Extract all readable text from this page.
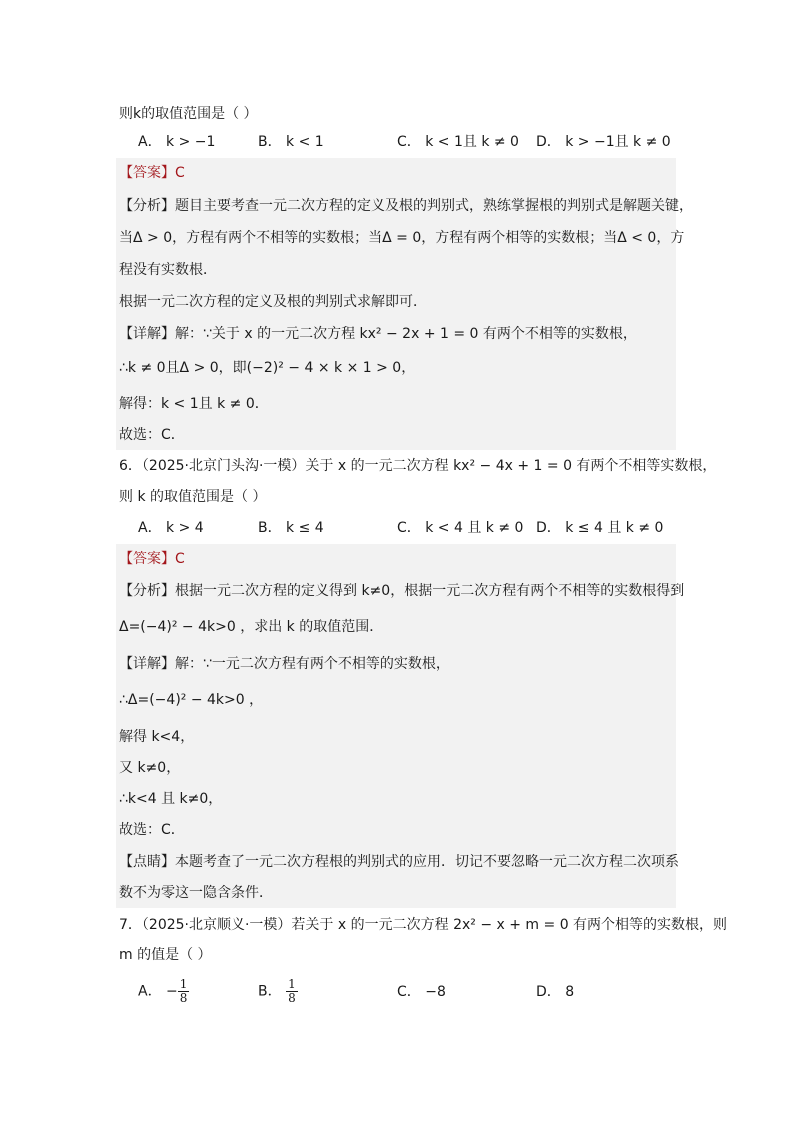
则k的取值范围是（ ）
A． k > −1	B． k < 1	C． k < 1且 k ≠ 0 D． k > −1且 k ≠ 0
【答案】C
【分析】题目主要考查一元二次方程的定义及根的判别式，熟练掌握根的判别式是解题关键，
当Δ > 0，方程有两个不相等的实数根；当Δ = 0，方程有两个相等的实数根；当Δ < 0，方
程没有实数根．
根据一元二次方程的定义及根的判别式求解即可．
【详解】解：∵关于 x 的一元二次方程 kx² − 2x + 1 = 0 有两个不相等的实数根，
∴k ≠ 0且Δ > 0，即(−2)² − 4 × k × 1 > 0，
解得：k < 1且 k ≠ 0．
故选：C．
6．（2025·北京门头沟·一模）关于 x 的一元二次方程 kx² − 4x + 1 = 0 有两个不相等实数根，
则 k 的取值范围是（ ）
A． k > 4	B． k ≤ 4	C． k < 4 且 k ≠ 0 D． k ≤ 4 且 k ≠ 0
【答案】C
【分析】根据一元二次方程的定义得到 k≠0，根据一元二次方程有两个不相等的实数根得到
Δ=(−4)² − 4k>0 ，求出 k 的取值范围．
【详解】解：∵一元二次方程有两个不相等的实数根，
∴Δ=(−4)² − 4k>0 ，
解得 k<4，
又 k≠0，
∴k<4 且 k≠0，
故选：C．
【点睛】本题考查了一元二次方程根的判别式的应用．切记不要忽略一元二次方程二次项系
数不为零这一隐含条件．
7．（2025·北京顺义·一模）若关于 x 的一元二次方程 2x² − x + m = 0 有两个相等的实数根，则
m 的值是（ ）
A． − $\frac{1}{8}$	B． $\frac{1}{8}$	C． −8	D． 8
